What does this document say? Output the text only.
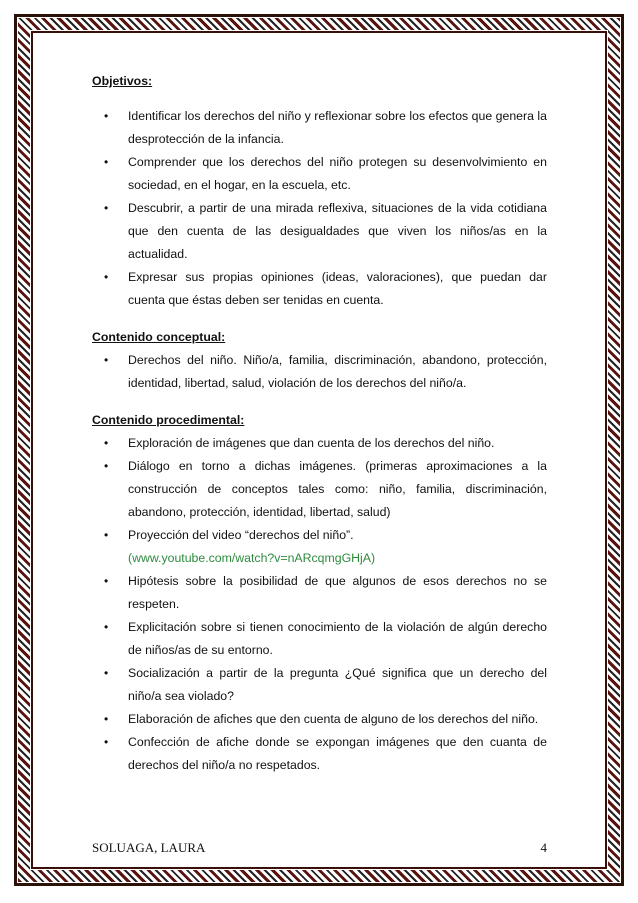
Objetivos:

• Identificar los derechos del niño y reflexionar sobre los efectos que genera la desprotección de la infancia.
• Comprender que los derechos del niño protegen su desenvolvimiento en sociedad, en el hogar, en la escuela, etc.
• Descubrir, a partir de una mirada reflexiva, situaciones de la vida cotidiana que den cuenta de las desigualdades que viven los niños/as en la actualidad.
• Expresar sus propias opiniones (ideas, valoraciones), que puedan dar cuenta que éstas deben ser tenidas en cuenta.

Contenido conceptual:

• Derechos del niño. Niño/a, familia, discriminación, abandono, protección, identidad, libertad, salud, violación de los derechos del niño/a.

Contenido procedimental:

• Exploración de imágenes que dan cuenta de los derechos del niño.
• Diálogo en torno a dichas imágenes. (primeras aproximaciones a la construcción de conceptos tales como: niño, familia, discriminación, abandono, protección, identidad, libertad, salud)
• Proyección del video “derechos del niño”.
(www.youtube.com/watch?v=nARcqmgGHjA)
• Hipótesis sobre la posibilidad de que algunos de esos derechos no se respeten.
• Explicitación sobre si tienen conocimiento de la violación de algún derecho de niños/as de su entorno.
• Socialización a partir de la pregunta ¿Qué significa que un derecho del niño/a sea violado?
• Elaboración de afiches que den cuenta de alguno de los derechos del niño.
• Confección de afiche donde se expongan imágenes que den cuanta de derechos del niño/a no respetados.
SOLUAGA, LAURA	4
